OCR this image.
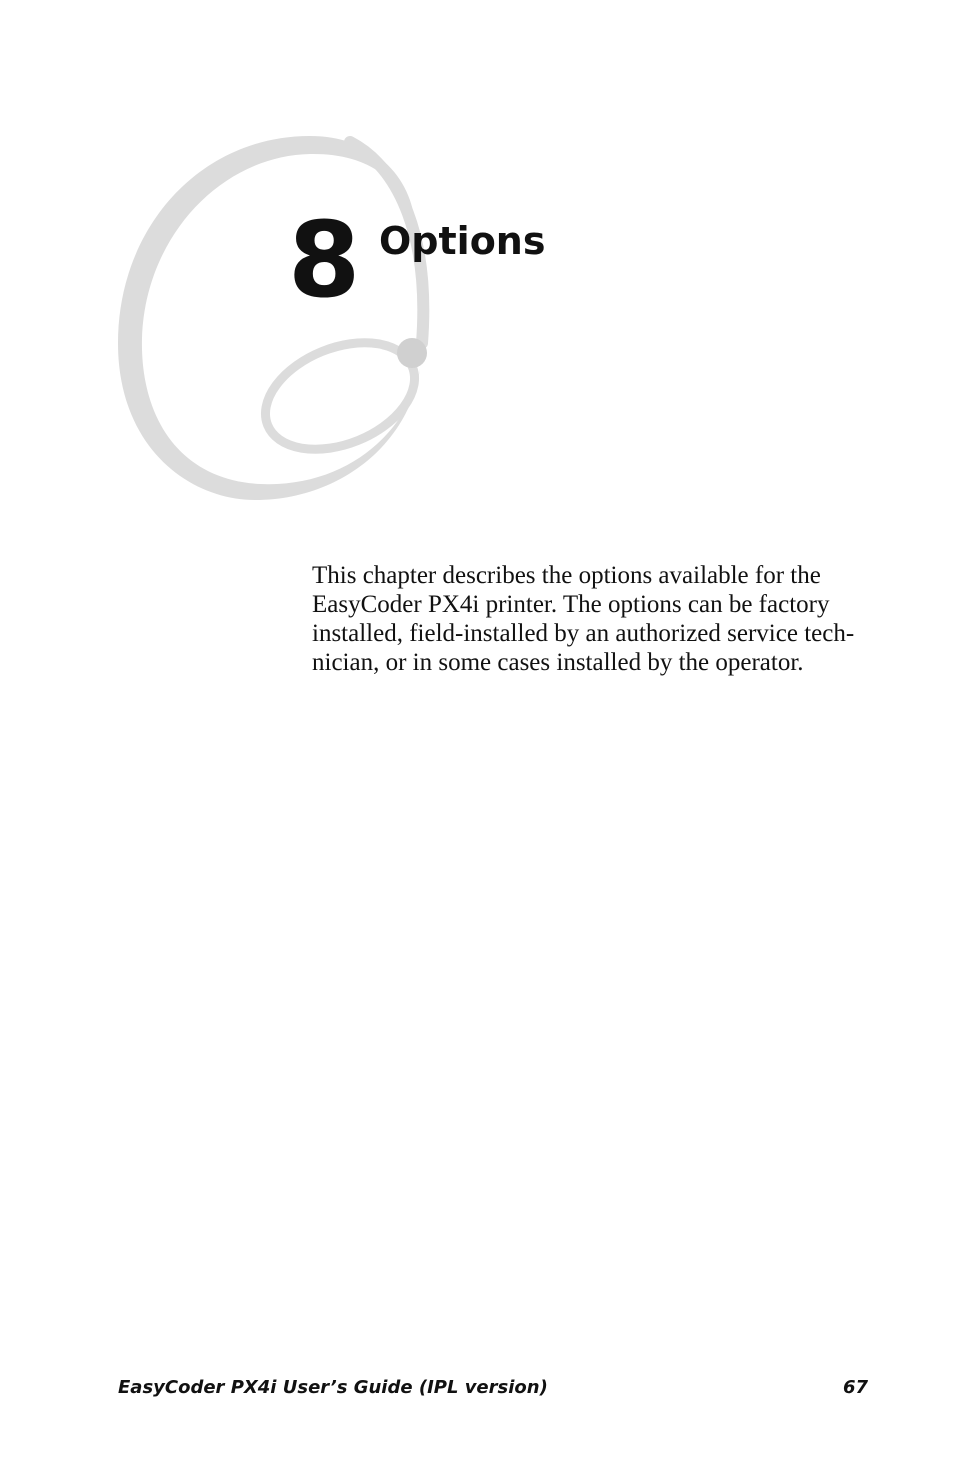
8 Options

This chapter describes the options available for the
EasyCoder PX4i printer. The options can be factory
installed, field-installed by an authorized service tech-
nician, or in some cases installed by the operator.

EasyCoder PX4i User’s Guide (IPL version)	67
